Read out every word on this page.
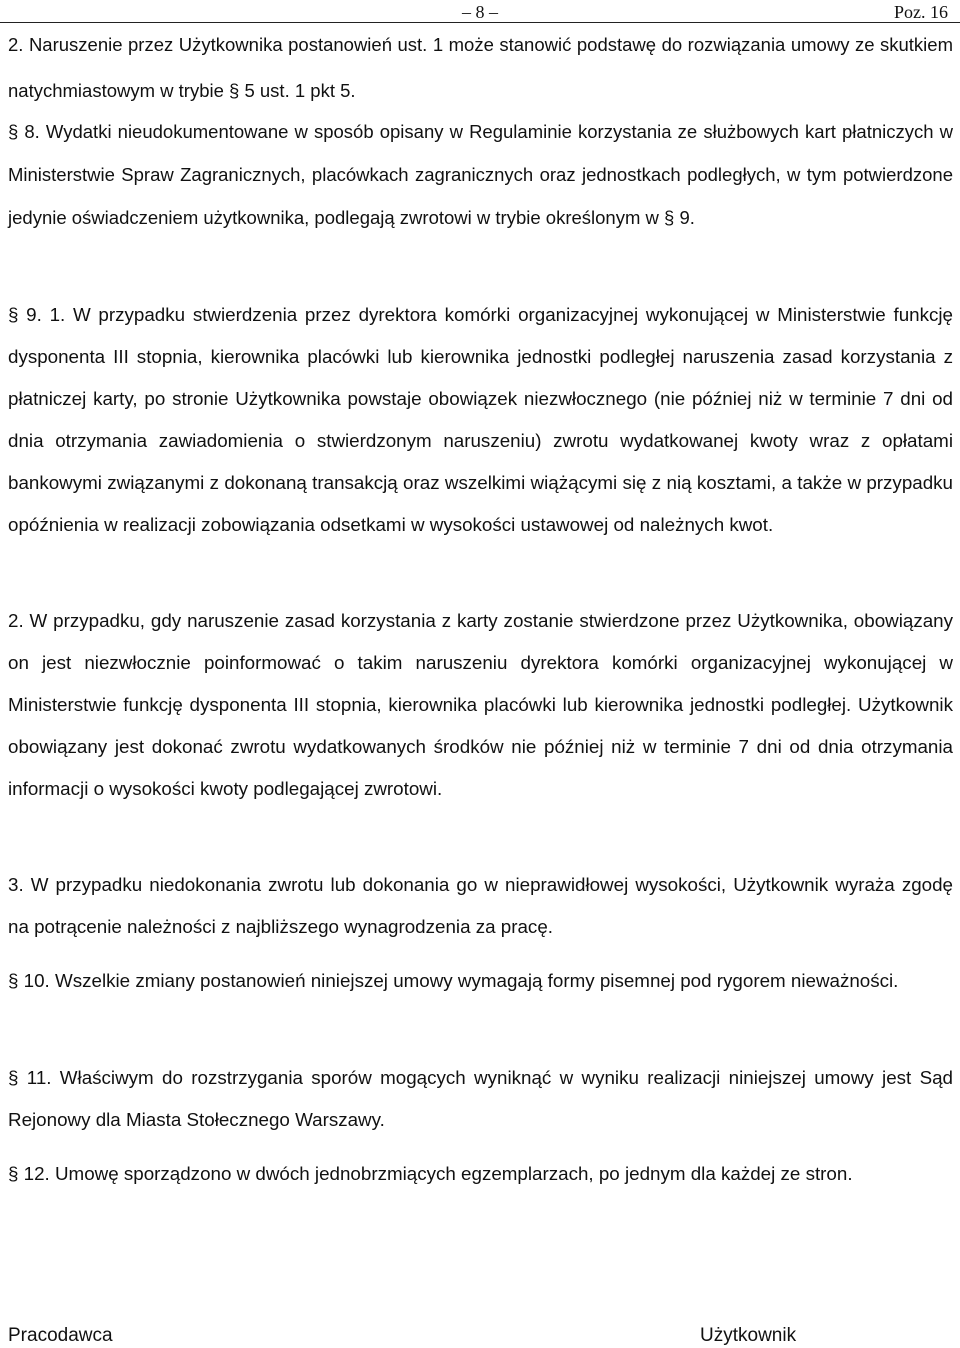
– 8 –	Poz. 16

2. Naruszenie przez Użytkownika postanowień ust. 1 może stanowić podstawę do rozwiązania umowy ze skutkiem natychmiastowym w trybie § 5 ust. 1 pkt 5.

§ 8. Wydatki nieudokumentowane w sposób opisany w Regulaminie korzystania ze służbowych kart płatniczych w Ministerstwie Spraw Zagranicznych, placówkach zagranicznych oraz jednostkach podległych, w tym potwierdzone jedynie oświadczeniem użytkownika, podlegają zwrotowi w trybie określonym w § 9.

§ 9. 1. W przypadku stwierdzenia przez dyrektora komórki organizacyjnej wykonującej w Ministerstwie funkcję dysponenta III stopnia, kierownika placówki lub kierownika jednostki podległej naruszenia zasad korzystania z płatniczej karty, po stronie Użytkownika powstaje obowiązek niezwłocznego (nie później niż w terminie 7 dni od dnia otrzymania zawiadomienia o stwierdzonym naruszeniu) zwrotu wydatkowanej kwoty wraz z opłatami bankowymi związanymi z dokonaną transakcją oraz wszelkimi wiążącymi się z nią kosztami, a także w przypadku opóźnienia w realizacji zobowiązania odsetkami w wysokości ustawowej od należnych kwot.

2. W przypadku, gdy naruszenie zasad korzystania z karty zostanie stwierdzone przez Użytkownika, obowiązany on jest niezwłocznie poinformować o takim naruszeniu dyrektora komórki organizacyjnej wykonującej w Ministerstwie funkcję dysponenta III stopnia, kierownika placówki lub kierownika jednostki podległej. Użytkownik obowiązany jest dokonać zwrotu wydatkowanych środków nie później niż w terminie 7 dni od dnia otrzymania informacji o wysokości kwoty podlegającej zwrotowi.

3. W przypadku niedokonania zwrotu lub dokonania go w nieprawidłowej wysokości, Użytkownik wyraża zgodę na potrącenie należności z najbliższego wynagrodzenia za pracę.

§ 10. Wszelkie zmiany postanowień niniejszej umowy wymagają formy pisemnej pod rygorem nieważności.

§ 11. Właściwym do rozstrzygania sporów mogących wyniknąć w wyniku realizacji niniejszej umowy jest Sąd Rejonowy dla Miasta Stołecznego Warszawy.

§ 12. Umowę sporządzono w dwóch jednobrzmiących egzemplarzach, po jednym dla każdej ze stron.

Pracodawca	Użytkownik
